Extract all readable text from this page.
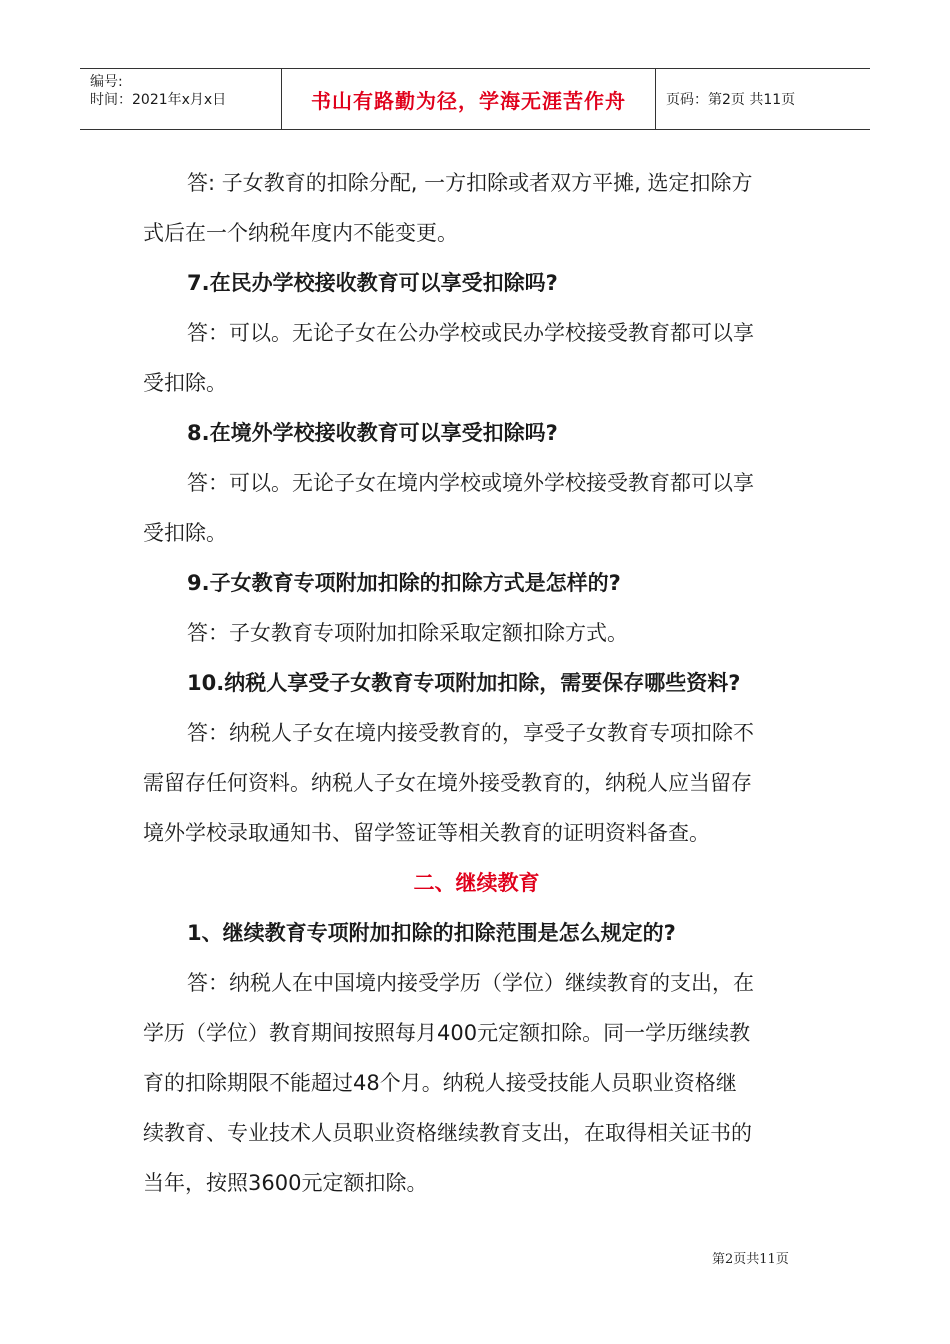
编号:
时间：2021年x月x日	书山有路勤为径，学海无涯苦作舟	页码：第2页 共11页
答: 子女教育的扣除分配, 一方扣除或者双方平摊, 选定扣除方
式后在一个纳税年度内不能变更。
7.在民办学校接收教育可以享受扣除吗?
答：可以。无论子女在公办学校或民办学校接受教育都可以享
受扣除。
8.在境外学校接收教育可以享受扣除吗?
答：可以。无论子女在境内学校或境外学校接受教育都可以享
受扣除。
9.子女教育专项附加扣除的扣除方式是怎样的?
答：子女教育专项附加扣除采取定额扣除方式。
10.纳税人享受子女教育专项附加扣除，需要保存哪些资料?
答：纳税人子女在境内接受教育的，享受子女教育专项扣除不
需留存任何资料。纳税人子女在境外接受教育的，纳税人应当留存
境外学校录取通知书、留学签证等相关教育的证明资料备查。
二、继续教育
1、继续教育专项附加扣除的扣除范围是怎么规定的?
答：纳税人在中国境内接受学历（学位）继续教育的支出，在
学历（学位）教育期间按照每月400元定额扣除。同一学历继续教
育的扣除期限不能超过48个月。纳税人接受技能人员职业资格继
续教育、专业技术人员职业资格继续教育支出，在取得相关证书的
当年，按照3600元定额扣除。
第2页共11页
